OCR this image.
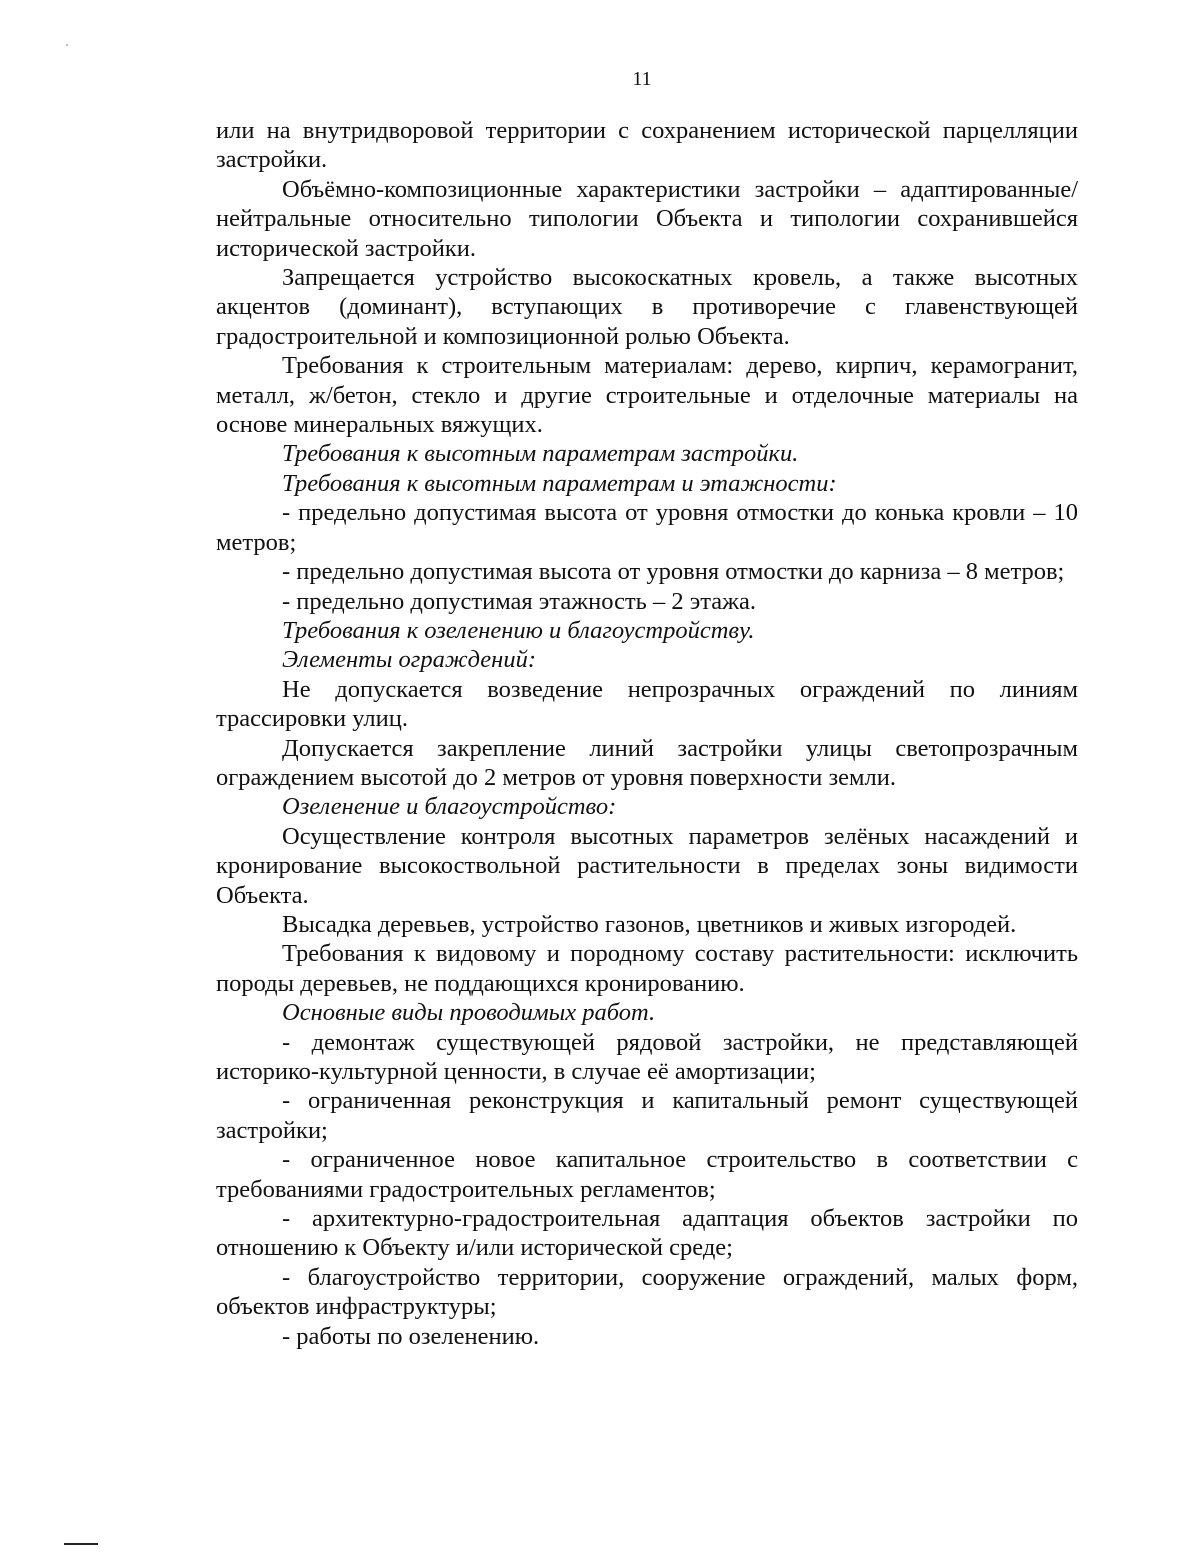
11

или на внутридворовой территории с сохранением исторической парцелляции застройки.

Объёмно-композиционные характеристики застройки – адаптированные/нейтральные относительно типологии Объекта и типологии сохранившейся исторической застройки.

Запрещается устройство высокоскатных кровель, а также высотных акцентов (доминант), вступающих в противоречие с главенствующей градостроительной и композиционной ролью Объекта.

Требования к строительным материалам: дерево, кирпич, керамогранит, металл, ж/бетон, стекло и другие строительные и отделочные материалы на основе минеральных вяжущих.

Требования к высотным параметрам застройки.

Требования к высотным параметрам и этажности:

- предельно допустимая высота от уровня отмостки до конька кровли – 10 метров;

- предельно допустимая высота от уровня отмостки до карниза – 8 метров;

- предельно допустимая этажность – 2 этажа.

Требования к озеленению и благоустройству.

Элементы ограждений:

Не допускается возведение непрозрачных ограждений по линиям трассировки улиц.

Допускается закрепление линий застройки улицы светопрозрачным ограждением высотой до 2 метров от уровня поверхности земли.

Озеленение и благоустройство:

Осуществление контроля высотных параметров зелёных насаждений и кронирование высокоствольной растительности в пределах зоны видимости Объекта.

Высадка деревьев, устройство газонов, цветников и живых изгородей.

Требования к видовому и породному составу растительности: исключить породы деревьев, не поддающихся кронированию.

Основные виды проводимых работ.

- демонтаж существующей рядовой застройки, не представляющей историко-культурной ценности, в случае её амортизации;

- ограниченная реконструкция и капитальный ремонт существующей застройки;

- ограниченное новое капитальное строительство в соответствии с требованиями градостроительных регламентов;

- архитектурно-градостроительная адаптация объектов застройки по отношению к Объекту и/или исторической среде;

- благоустройство территории, сооружение ограждений, малых форм, объектов инфраструктуры;

- работы по озеленению.
